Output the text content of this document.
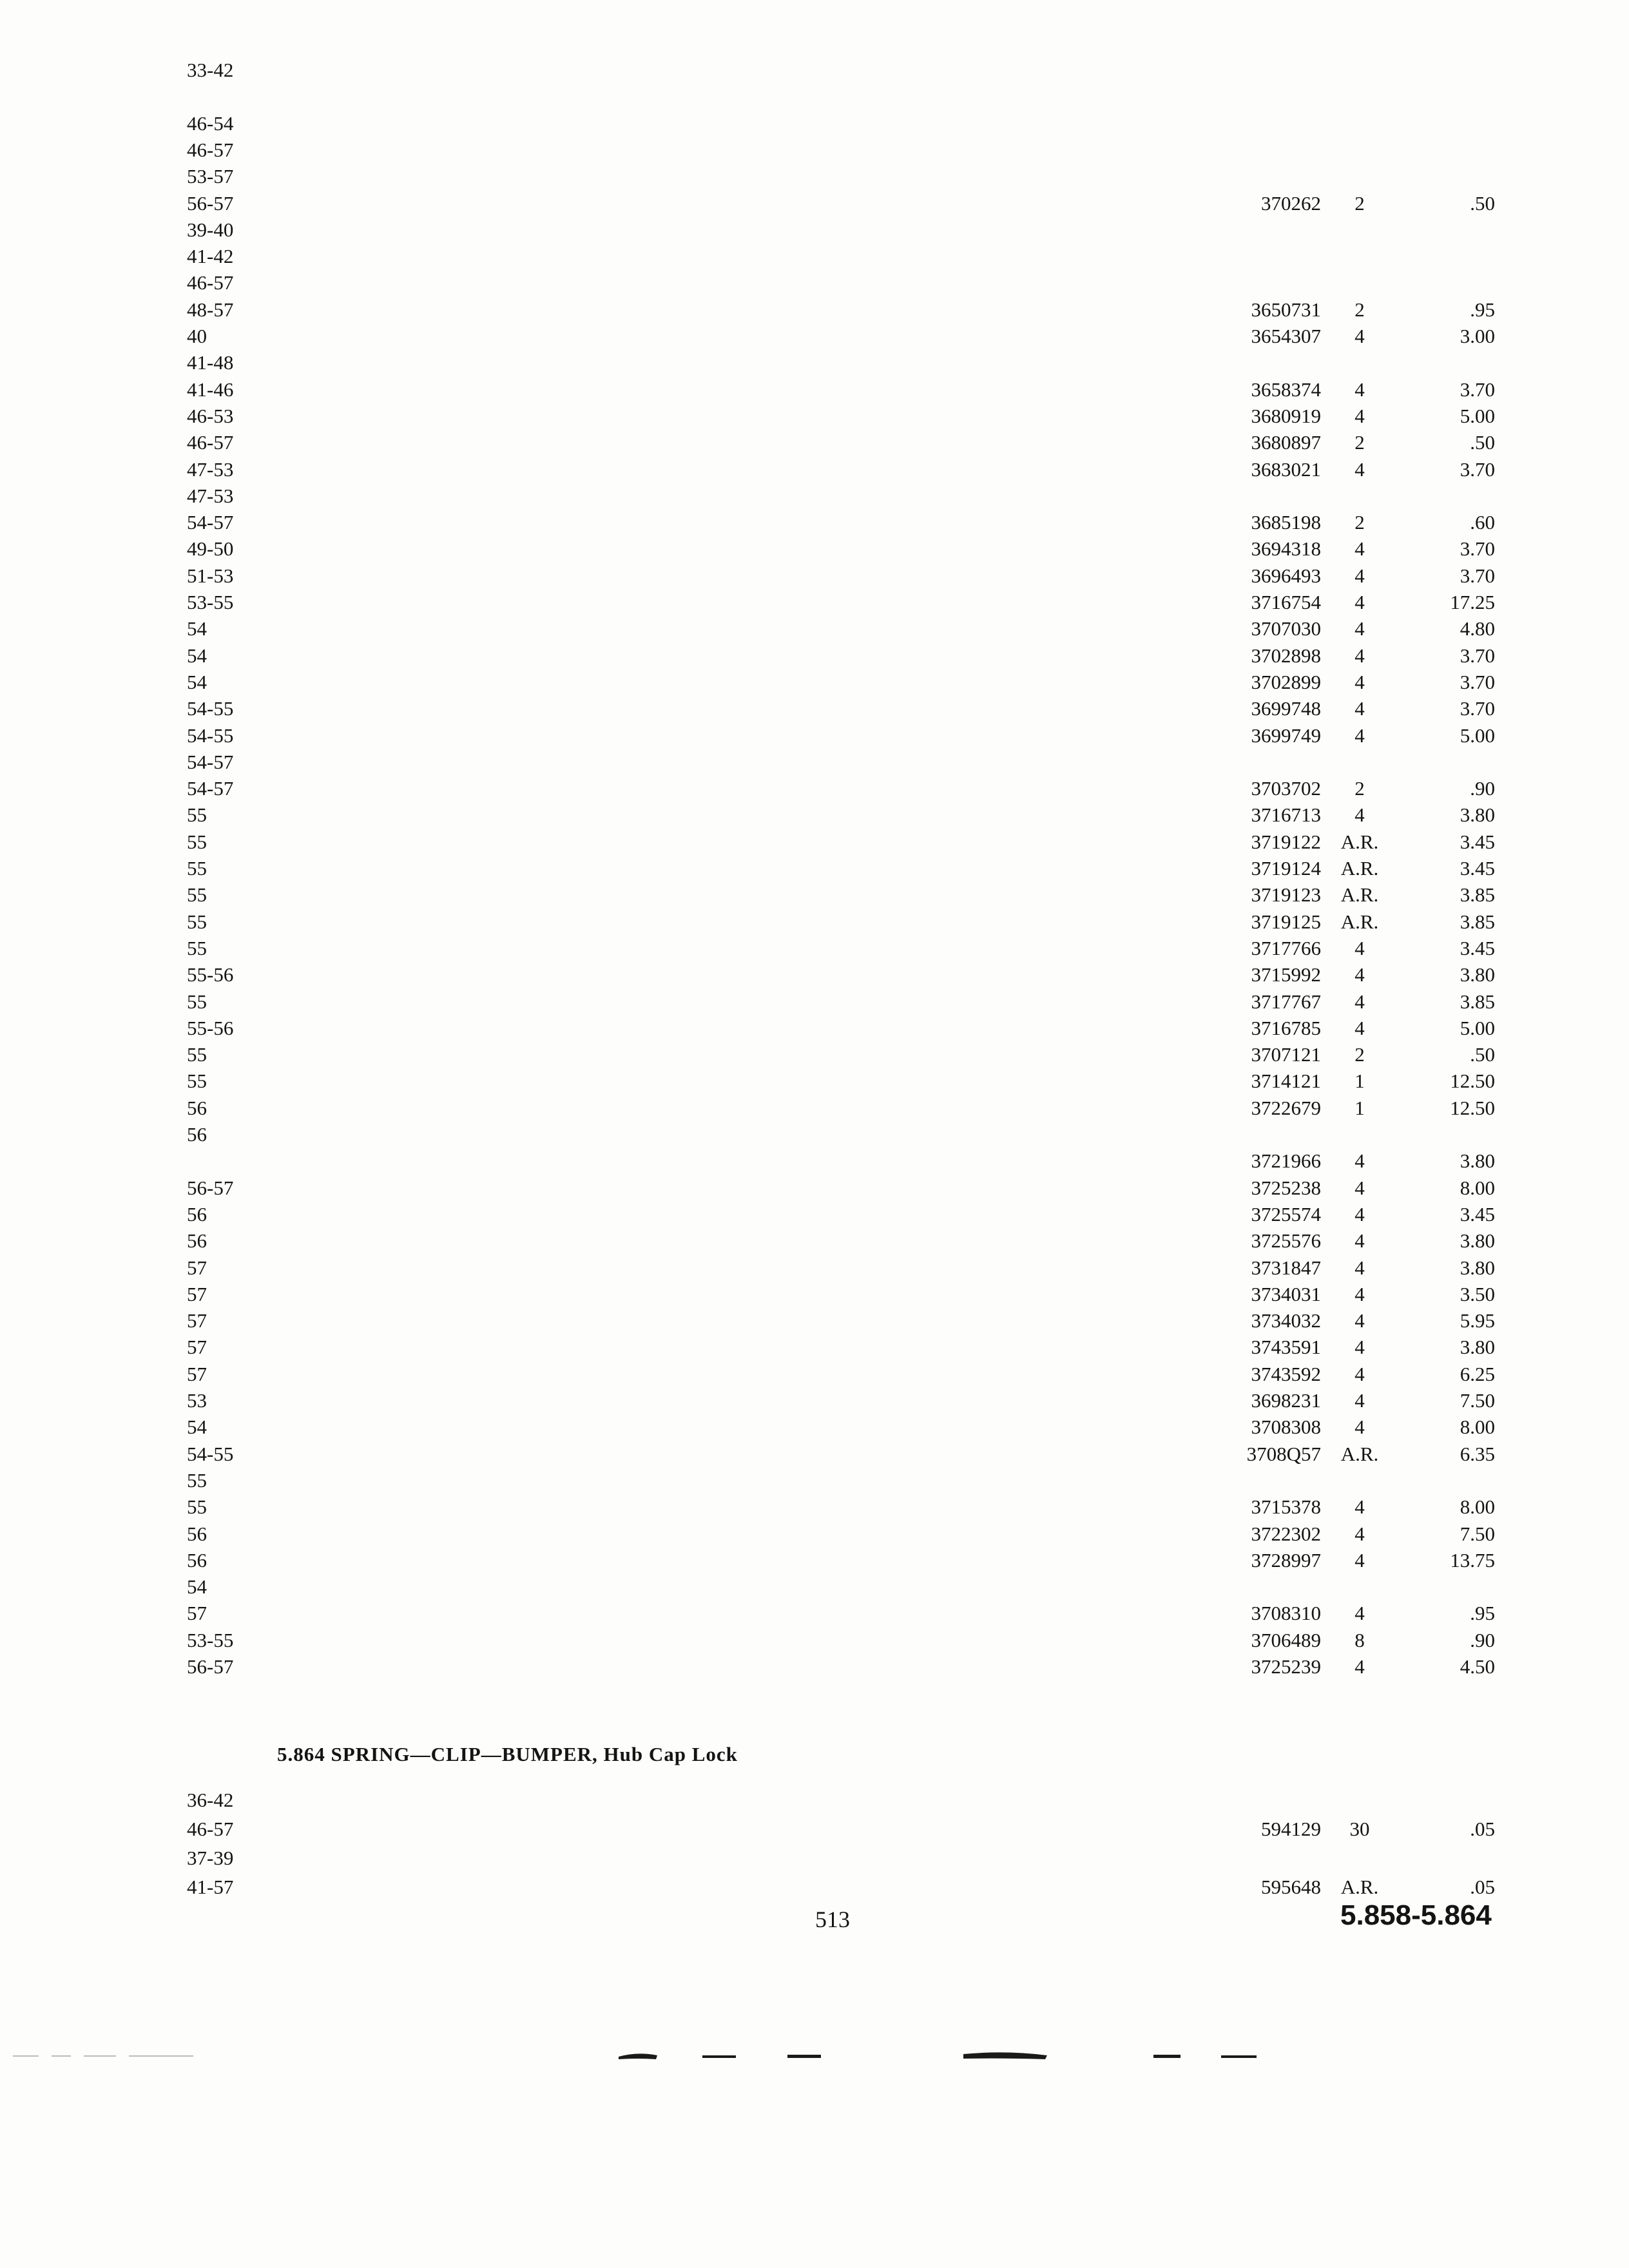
33-42
46-54
46-57
53-57
56-57	370262	2	.50
39-40
41-42
46-57
48-57	3650731	2	.95
40	3654307	4	3.00
41-48
41-46	3658374	4	3.70
46-53	3680919	4	5.00
46-57	3680897	2	.50
47-53	3683021	4	3.70
47-53
54-57	3685198	2	.60
49-50	3694318	4	3.70
51-53	3696493	4	3.70
53-55	3716754	4	17.25
54	3707030	4	4.80
54	3702898	4	3.70
54	3702899	4	3.70
54-55	3699748	4	3.70
54-55	3699749	4	5.00
54-57
54-57	3703702	2	.90
55	3716713	4	3.80
55	3719122 A.R.	3.45
55	3719124 A.R.	3.45
55	3719123 A.R.	3.85
55	3719125 A.R.	3.85
55	3717766	4	3.45
55-56	3715992	4	3.80
55	3717767	4	3.85
55-56	3716785	4	5.00
55	3707121	2	.50
55	3714121	1	12.50
56	3722679	1	12.50
56
3721966	4	3.80
56-57	3725238	4	8.00
56	3725574	4	3.45
56	3725576	4	3.80
57	3731847	4	3.80
57	3734031	4	3.50
57	3734032	4	5.95
57	3743591	4	3.80
57	3743592	4	6.25
53	3698231	4	7.50
54	3708308	4	8.00
54-55	3708Q57 A.R.	6.35
55
55	3715378	4	8.00
56	3722302	4	7.50
56	3728997	4	13.75
54
57	3708310	4	.95
53-55	3706489	8	.90
56-57	3725239	4	4.50
5.864 SPRING—CLIP—BUMPER, Hub Cap Lock
36-42
46-57	594129	30	.05
37-39
41-57	595648 A.R.	.05
513	5.858-5.864
